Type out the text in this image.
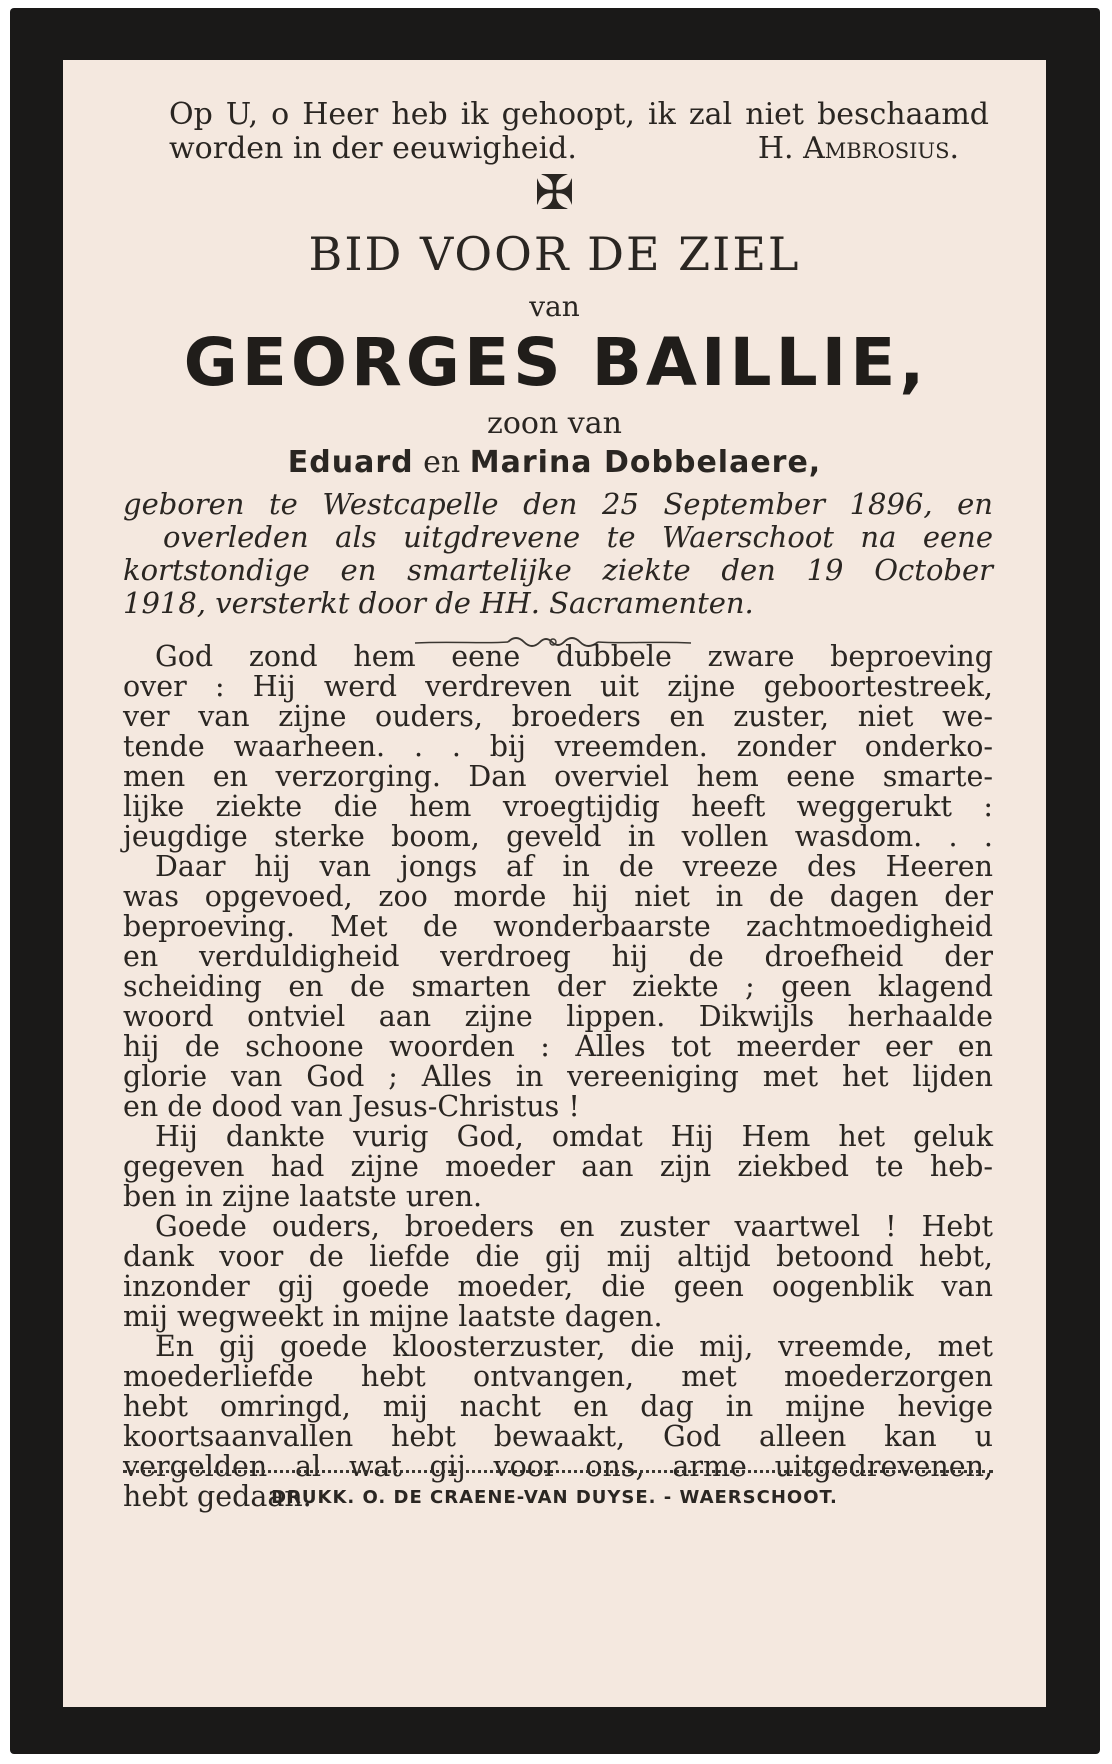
Op U, o Heer heb ik gehoopt, ik zal niet beschaamd
worden in der eeuwigheid.	H. Ambrosius.
✠
BID VOOR DE ZIEL
van
GEORGES BAILLIE,
zoon van
Eduard en Marina Dobbelaere,
geboren te Westcapelle den 25 September 1896, en
overleden als uitgdrevene te Waerschoot na eene
kortstondige en smartelijke ziekte den 19 October
1918, versterkt door de HH. Sacramenten.
God zond hem eene dubbele zware beproeving
over : Hij werd verdreven uit zijne geboortestreek,
ver van zijne ouders, broeders en zuster, niet we-
tende waarheen. . . bij vreemden. zonder onderko-
men en verzorging. Dan overviel hem eene smarte-
lijke ziekte die hem vroegtijdig heeft weggerukt :
jeugdige sterke boom, geveld in vollen wasdom. . .
Daar hij van jongs af in de vreeze des Heeren
was opgevoed, zoo morde hij niet in de dagen der
beproeving. Met de wonderbaarste zachtmoedigheid
en verduldigheid verdroeg hij de droefheid der
scheiding en de smarten der ziekte ; geen klagend
woord ontviel aan zijne lippen. Dikwijls herhaalde
hij de schoone woorden : Alles tot meerder eer en
glorie van God ; Alles in vereeniging met het lijden
en de dood van Jesus-Christus !
Hij dankte vurig God, omdat Hij Hem het geluk
gegeven had zijne moeder aan zijn ziekbed te heb-
ben in zijne laatste uren.
Goede ouders, broeders en zuster vaartwel ! Hebt
dank voor de liefde die gij mij altijd betoond hebt,
inzonder gij goede moeder, die geen oogenblik van
mij wegweekt in mijne laatste dagen.
En gij goede kloosterzuster, die mij, vreemde, met
moederliefde hebt ontvangen, met moederzorgen
hebt omringd, mij nacht en dag in mijne hevige
koortsaanvallen hebt bewaakt, God alleen kan u
vergelden al wat gij voor ons, arme uitgedrevenen,
hebt gedaan.
DRUKK. O. DE CRAENE-VAN DUYSE. - WAERSCHOOT.
